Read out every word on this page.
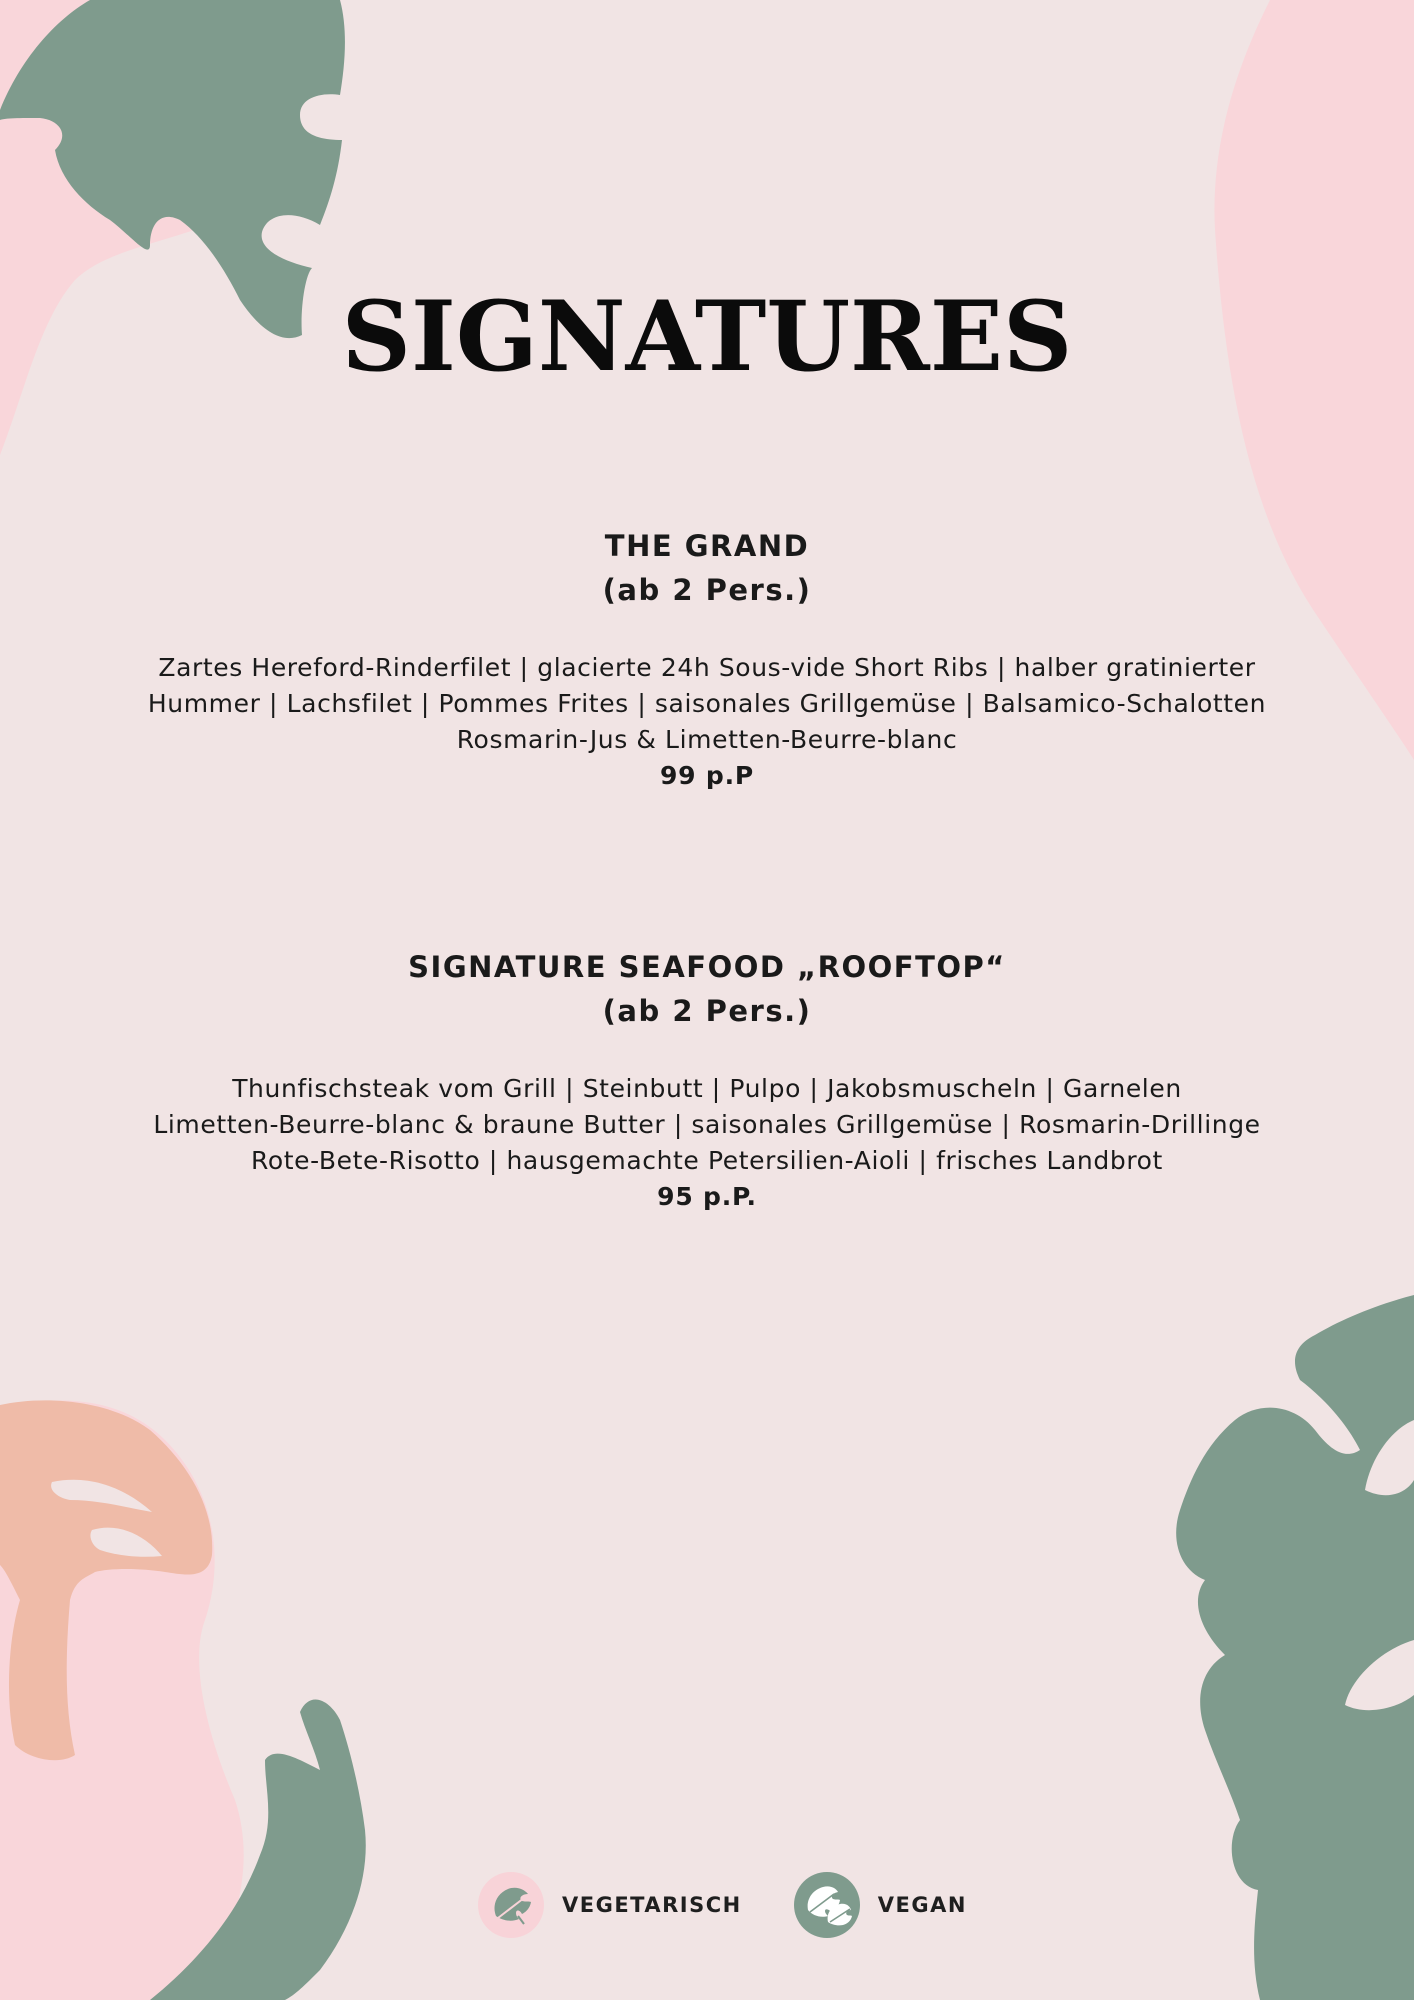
SIGNATURES
THE GRAND
(ab 2 Pers.)
Zartes Hereford-Rinderfilet | glacierte 24h Sous-vide Short Ribs | halber gratinierter
Hummer | Lachsfilet | Pommes Frites | saisonales Grillgemüse | Balsamico-Schalotten
Rosmarin-Jus & Limetten-Beurre-blanc
99 p.P
SIGNATURE SEAFOOD „ROOFTOP“
(ab 2 Pers.)
Thunfischsteak vom Grill | Steinbutt | Pulpo | Jakobsmuscheln | Garnelen
Limetten-Beurre-blanc & braune Butter | saisonales Grillgemüse | Rosmarin-Drillinge
Rote-Bete-Risotto | hausgemachte Petersilien-Aioli | frisches Landbrot
95 p.P.
VEGETARISCH	VEGAN
